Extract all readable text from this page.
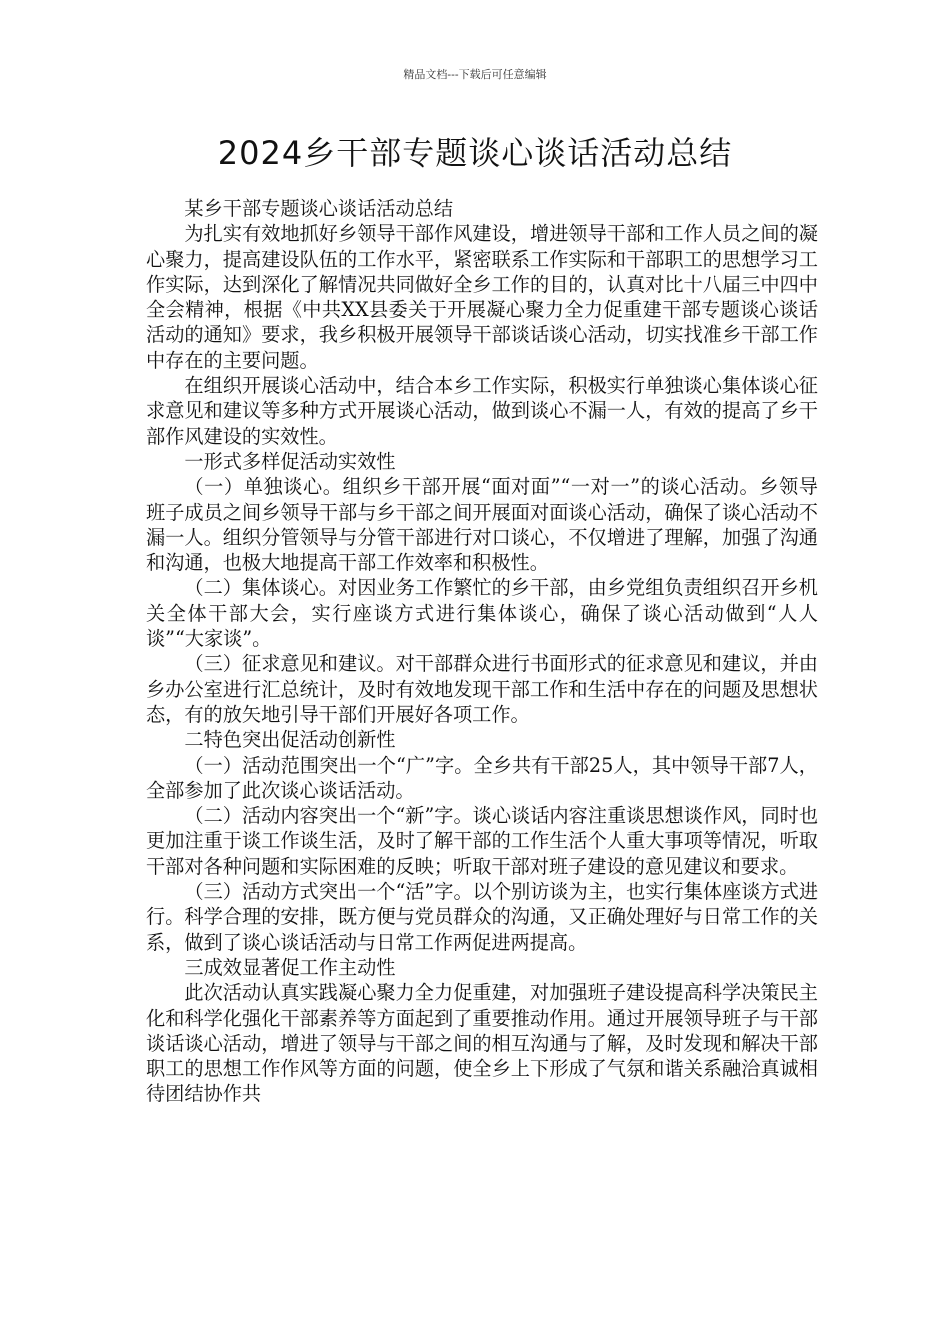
精品文档---下载后可任意编辑
2024乡干部专题谈心谈话活动总结

某乡干部专题谈心谈话活动总结

为扎实有效地抓好乡领导干部作风建设，增进领导干部和工作人员之间的凝心聚力，提高建设队伍的工作水平，紧密联系工作实际和干部职工的思想学习工作实际，达到深化了解情况共同做好全乡工作的目的，认真对比十八届三中四中全会精神，根据《中共XX县委关于开展凝心聚力全力促重建干部专题谈心谈话活动的通知》要求，我乡积极开展领导干部谈话谈心活动，切实找准乡干部工作中存在的主要问题。

在组织开展谈心活动中，结合本乡工作实际，积极实行单独谈心集体谈心征求意见和建议等多种方式开展谈心活动，做到谈心不漏一人，有效的提高了乡干部作风建设的实效性。

一形式多样促活动实效性

（一）单独谈心。组织乡干部开展“面对面”“一对一”的谈心活动。乡领导班子成员之间乡领导干部与乡干部之间开展面对面谈心活动，确保了谈心活动不漏一人。组织分管领导与分管干部进行对口谈心，不仅增进了理解，加强了沟通和沟通，也极大地提高干部工作效率和积极性。

（二）集体谈心。对因业务工作繁忙的乡干部，由乡党组负责组织召开乡机关全体干部大会，实行座谈方式进行集体谈心，确保了谈心活动做到“人人谈”“大家谈”。

（三）征求意见和建议。对干部群众进行书面形式的征求意见和建议，并由乡办公室进行汇总统计，及时有效地发现干部工作和生活中存在的问题及思想状态，有的放矢地引导干部们开展好各项工作。

二特色突出促活动创新性

（一）活动范围突出一个“广”字。全乡共有干部25人，其中领导干部7人，全部参加了此次谈心谈话活动。

（二）活动内容突出一个“新”字。谈心谈话内容注重谈思想谈作风，同时也更加注重于谈工作谈生活，及时了解干部的工作生活个人重大事项等情况，听取干部对各种问题和实际困难的反映；听取干部对班子建设的意见建议和要求。

（三）活动方式突出一个“活”字。以个别访谈为主，也实行集体座谈方式进行。科学合理的安排，既方便与党员群众的沟通，又正确处理好与日常工作的关系，做到了谈心谈话活动与日常工作两促进两提高。

三成效显著促工作主动性

此次活动认真实践凝心聚力全力促重建，对加强班子建设提高科学决策民主化和科学化强化干部素养等方面起到了重要推动作用。通过开展领导班子与干部谈话谈心活动，增进了领导与干部之间的相互沟通与了解，及时发现和解决干部职工的思想工作作风等方面的问题，使全乡上下形成了气氛和谐关系融洽真诚相待团结协作共
